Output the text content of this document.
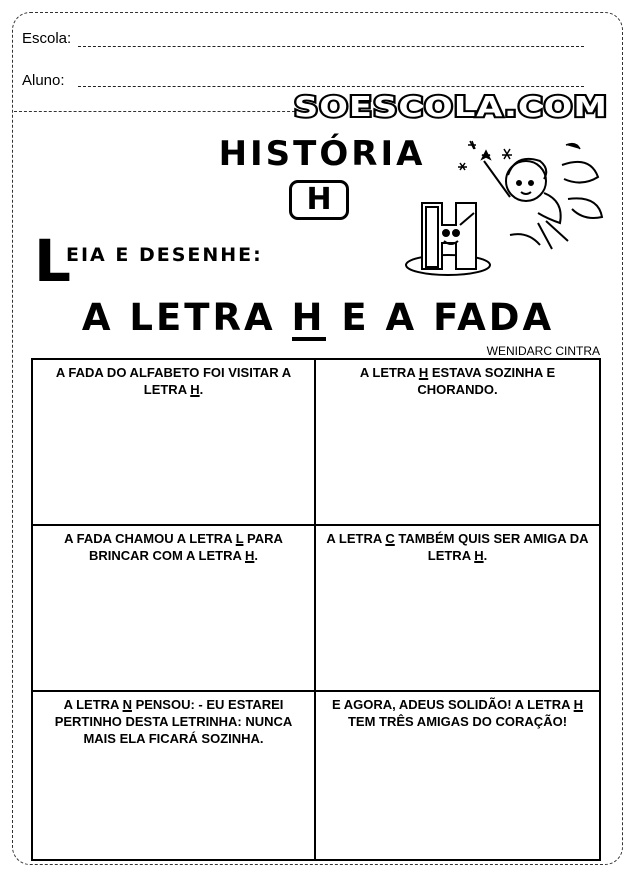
Escola:
Aluno:
SOESCOLA.COM
HISTÓRIA
H
L
EIA E DESENHE:
A LETRA H E A FADA
WENIDARC CINTRA
A FADA DO ALFABETO FOI VISITAR A LETRA H.
A LETRA H ESTAVA SOZINHA E CHORANDO.
A FADA CHAMOU A LETRA L PARA BRINCAR COM A LETRA H.
A LETRA C TAMBÉM QUIS SER AMIGA DA LETRA H.
A LETRA N PENSOU: - EU ESTAREI PERTINHO DESTA LETRINHA: NUNCA MAIS ELA FICARÁ SOZINHA.
E AGORA, ADEUS SOLIDÃO! A LETRA H TEM TRÊS AMIGAS DO CORAÇÃO!
